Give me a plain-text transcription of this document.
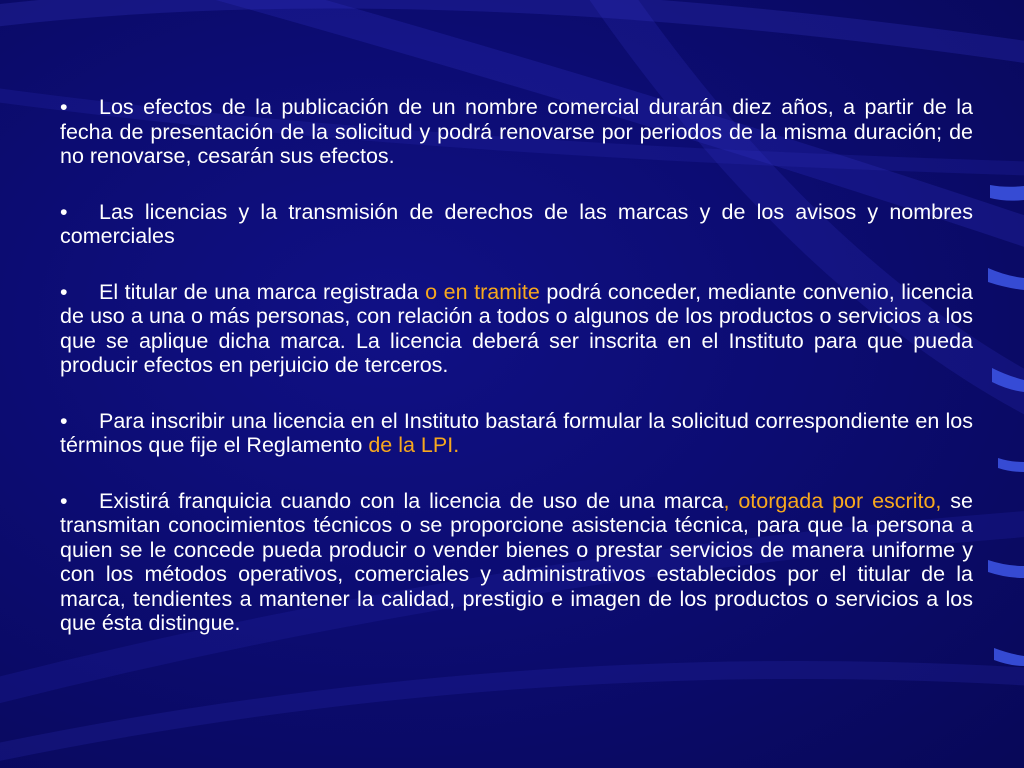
• Los efectos de la publicación de un nombre comercial durarán diez años, a partir de la fecha de presentación de la solicitud y podrá renovarse por periodos de la misma duración; de no renovarse, cesarán sus efectos.

• Las licencias y la transmisión de derechos de las marcas y de los avisos y nombres comerciales

• El titular de una marca registrada o en tramite podrá conceder, mediante convenio, licencia de uso a una o más personas, con relación a todos o algunos de los productos o servicios a los que se aplique dicha marca. La licencia deberá ser inscrita en el Instituto para que pueda producir efectos en perjuicio de terceros.

• Para inscribir una licencia en el Instituto bastará formular la solicitud correspondiente en los términos que fije el Reglamento de la LPI.

• Existirá franquicia cuando con la licencia de uso de una marca, otorgada por escrito, se transmitan conocimientos técnicos o se proporcione asistencia técnica, para que la persona a quien se le concede pueda producir o vender bienes o prestar servicios de manera uniforme y con los métodos operativos, comerciales y administrativos establecidos por el titular de la marca, tendientes a mantener la calidad, prestigio e imagen de los productos o servicios a los que ésta distingue.
